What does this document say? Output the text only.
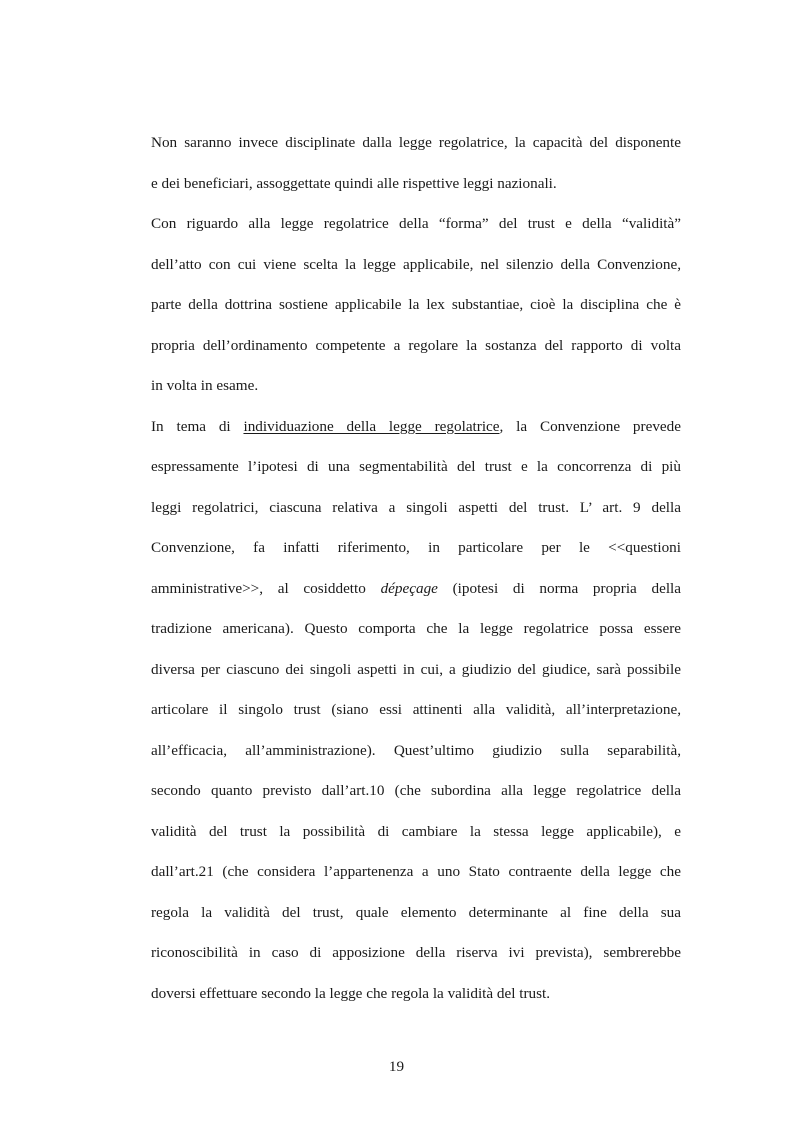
Non saranno invece disciplinate dalla legge regolatrice, la capacità del disponente
e dei beneficiari, assoggettate quindi alle rispettive leggi nazionali.
Con riguardo alla legge regolatrice della “forma” del trust e della “validità”
dell’atto con cui viene scelta la legge applicabile, nel silenzio della Convenzione,
parte della dottrina sostiene applicabile la lex substantiae, cioè la disciplina che è
propria dell’ordinamento competente a regolare la sostanza del rapporto di volta
in volta in esame.
In tema di individuazione della legge regolatrice, la Convenzione prevede
espressamente l’ipotesi di una segmentabilità del trust e la concorrenza di più
leggi regolatrici, ciascuna relativa a singoli aspetti del trust. L’ art. 9 della
Convenzione, fa infatti riferimento, in particolare per le <<questioni
amministrative>>, al cosiddetto dépeçage (ipotesi di norma propria della
tradizione americana). Questo comporta che la legge regolatrice possa essere
diversa per ciascuno dei singoli aspetti in cui, a giudizio del giudice, sarà possibile
articolare il singolo trust (siano essi attinenti alla validità, all’interpretazione,
all’efficacia, all’amministrazione). Quest’ultimo giudizio sulla separabilità,
secondo quanto previsto dall’art.10 (che subordina alla legge regolatrice della
validità del trust la possibilità di cambiare la stessa legge applicabile), e
dall’art.21 (che considera l’appartenenza a uno Stato contraente della legge che
regola la validità del trust, quale elemento determinante al fine della sua
riconoscibilità in caso di apposizione della riserva ivi prevista), sembrerebbe
doversi effettuare secondo la legge che regola la validità del trust.
19
